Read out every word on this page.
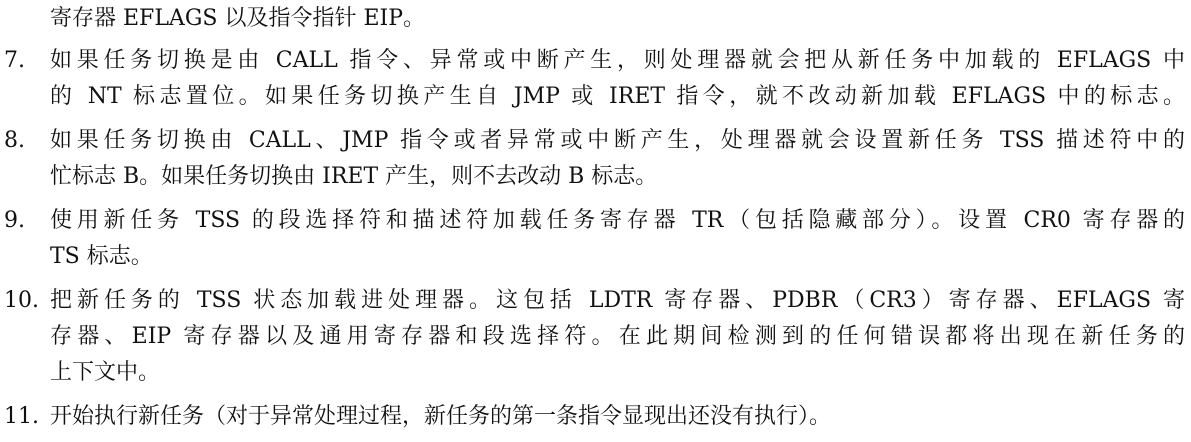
寄存器 EFLAGS 以及指令指针 EIP。
7.	如果任务切换是由 CALL 指令、异常或中断产生，则处理器就会把从新任务中加载的 EFLAGS 中
的 NT 标志置位。如果任务切换产生自 JMP 或 IRET 指令，就不改动新加载 EFLAGS 中的标志。
8.	如果任务切换由 CALL、JMP 指令或者异常或中断产生，处理器就会设置新任务 TSS 描述符中的
忙标志 B。如果任务切换由 IRET 产生，则不去改动 B 标志。
9.	使用新任务 TSS 的段选择符和描述符加载任务寄存器 TR（包括隐藏部分）。设置 CR0 寄存器的
TS 标志。
10. 把新任务的 TSS 状态加载进处理器。这包括 LDTR 寄存器、PDBR（CR3）寄存器、EFLAGS 寄
存器、EIP 寄存器以及通用寄存器和段选择符。在此期间检测到的任何错误都将出现在新任务的
上下文中。
11. 开始执行新任务（对于异常处理过程，新任务的第一条指令显现出还没有执行）。
